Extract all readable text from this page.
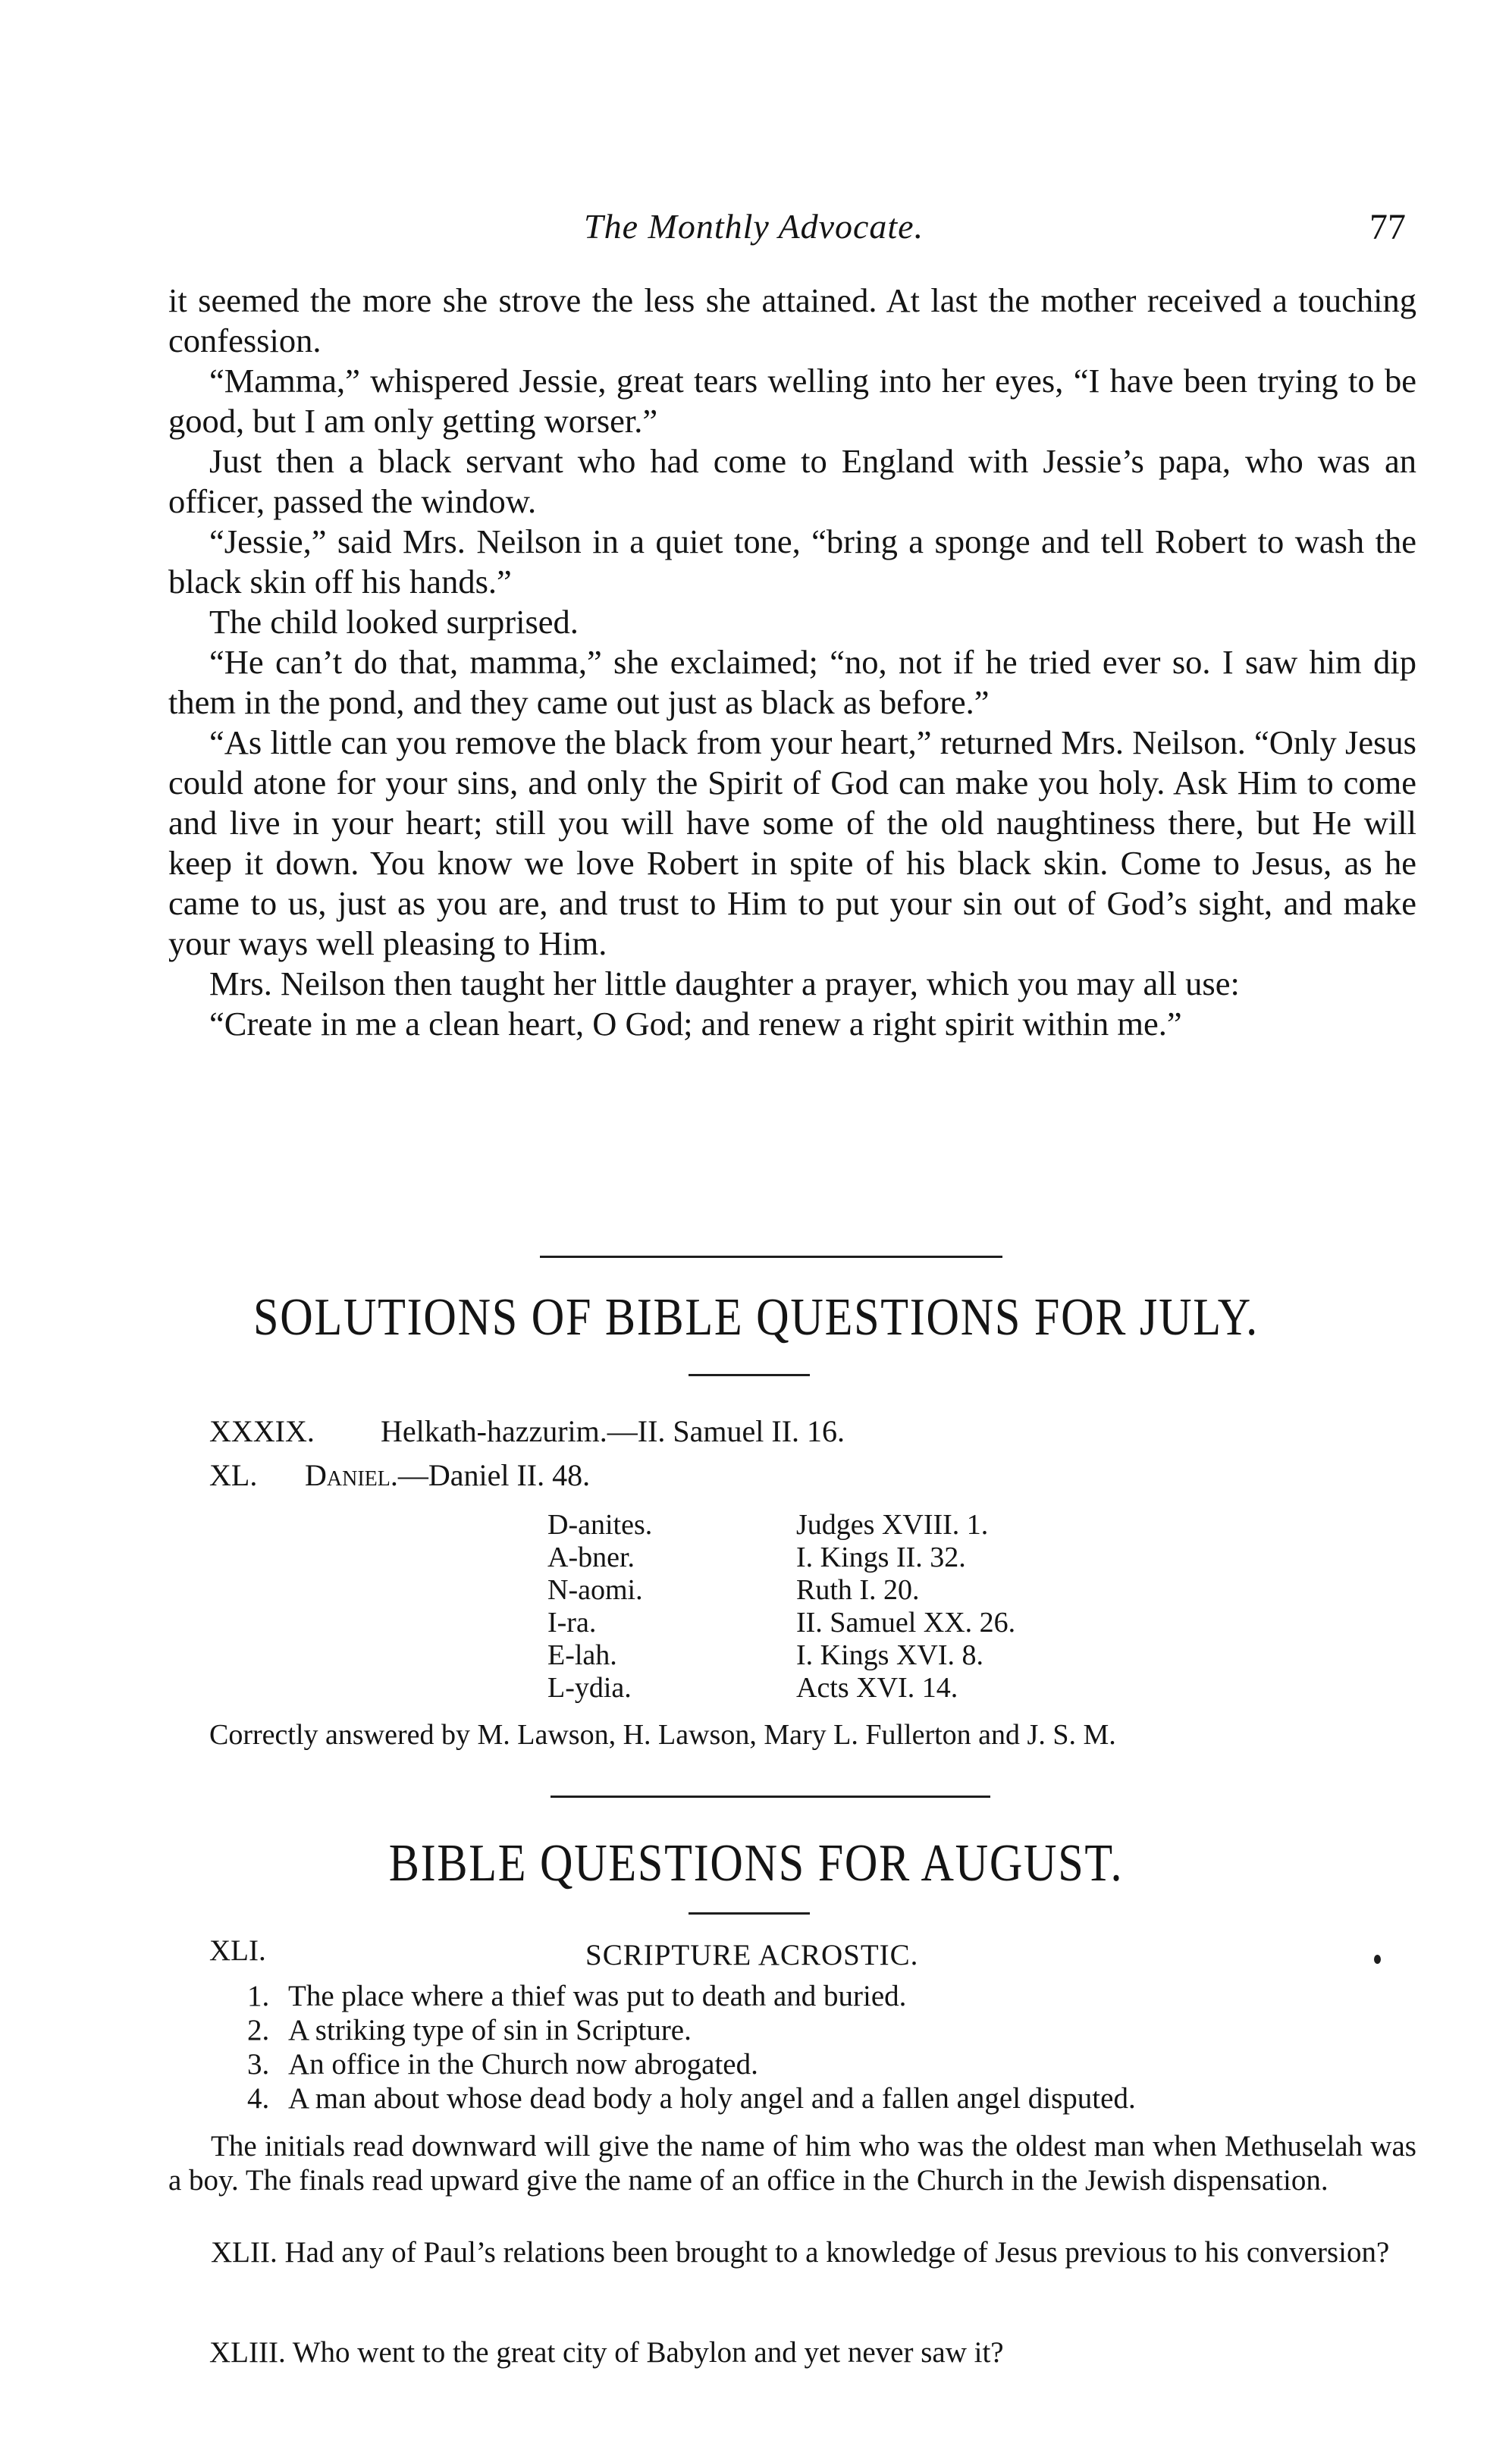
The Monthly Advocate.	77

it seemed the more she strove the less she attained. At last the mother received a touching confession.

“Mamma,” whispered Jessie, great tears welling into her eyes, “I have been trying to be good, but I am only getting worser.”

Just then a black servant who had come to England with Jessie’s papa, who was an officer, passed the window.

“Jessie,” said Mrs. Neilson in a quiet tone, “bring a sponge and tell Robert to wash the black skin off his hands.”

The child looked surprised.

“He can’t do that, mamma,” she exclaimed; “no, not if he tried ever so. I saw him dip them in the pond, and they came out just as black as before.”

“As little can you remove the black from your heart,” returned Mrs. Neilson. “Only Jesus could atone for your sins, and only the Spirit of God can make you holy. Ask Him to come and live in your heart; still you will have some of the old naughtiness there, but He will keep it down. You know we love Robert in spite of his black skin. Come to Jesus, as he came to us, just as you are, and trust to Him to put your sin out of God’s sight, and make your ways well pleasing to Him.

Mrs. Neilson then taught her little daughter a prayer, which you may all use:

“Create in me a clean heart, O God; and renew a right spirit within me.”

SOLUTIONS OF BIBLE QUESTIONS FOR JULY.
XXXIX. Helkath-hazzurim.—II. Samuel II. 16.
XL. Daniel.—Daniel II. 48.
D-anites.	Judges XVIII. 1.
A-bner.	I. Kings II. 32.
N-aomi.	Ruth I. 20.
I-ra.	II. Samuel XX. 26.
E-lah.	I. Kings XVI. 8.
L-ydia.	Acts XVI. 14.
Correctly answered by M. Lawson, H. Lawson, Mary L. Fullerton and J. S. M.
BIBLE QUESTIONS FOR AUGUST.
XLI.	SCRIPTURE ACROSTIC.
1. The place where a thief was put to death and buried.
2. A striking type of sin in Scripture.
3. An office in the Church now abrogated.
4. A man about whose dead body a holy angel and a fallen angel disputed.
The initials read downward will give the name of him who was the oldest man when Methuselah was a boy. The finals read upward give the name of an office in the Church in the Jewish dispensation.
XLII. Had any of Paul’s relations been brought to a knowledge of Jesus previous to his conversion?
XLIII. Who went to the great city of Babylon and yet never saw it?
